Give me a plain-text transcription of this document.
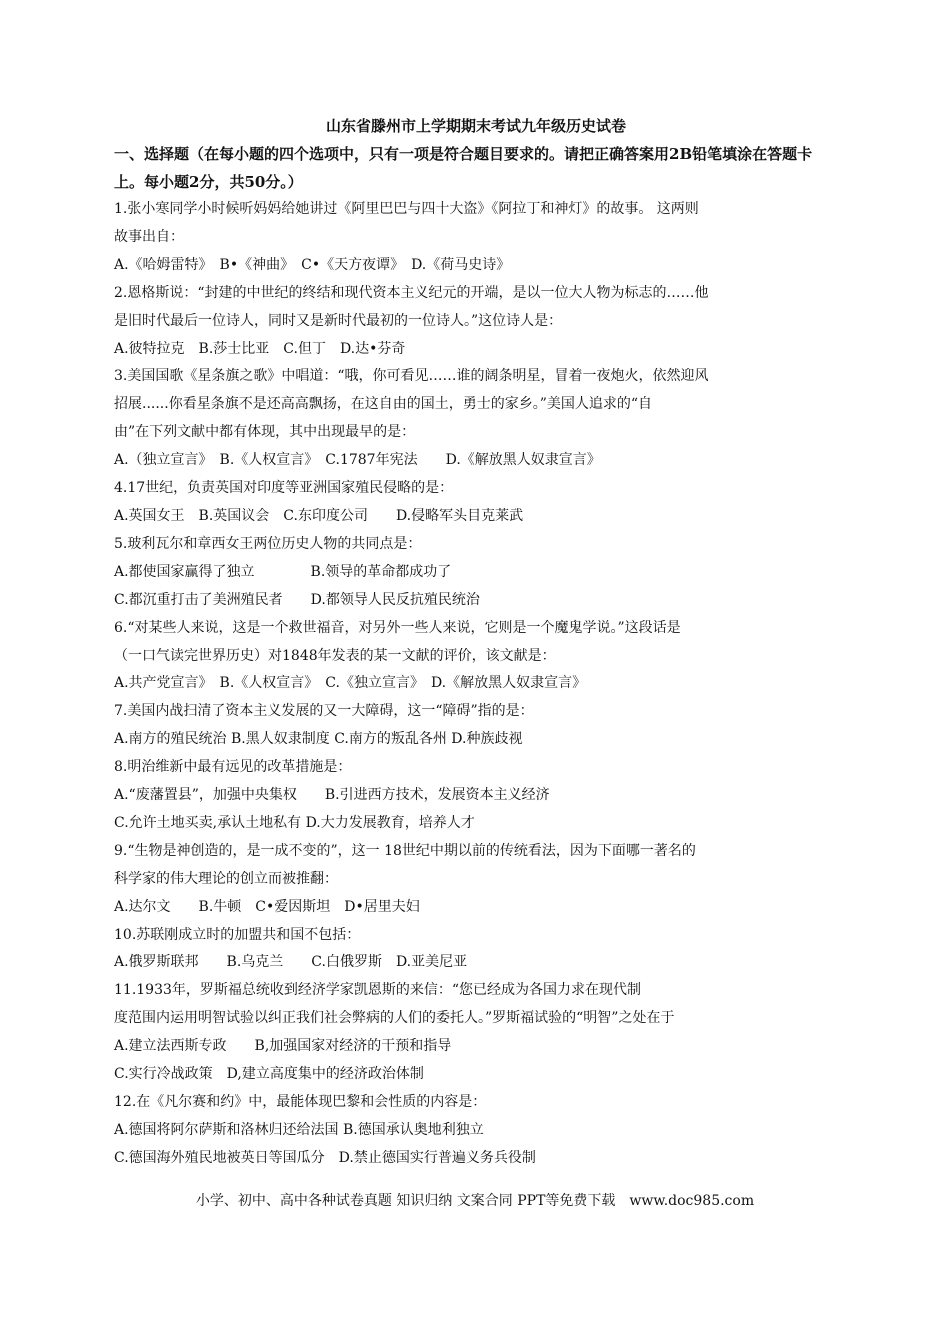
山东省滕州市上学期期末考试九年级历史试卷
一、选择题（在每小题的四个选项中，只有一项是符合题目要求的。请把正确答案用2B铅笔填涂在答题卡上。每小题2分，共50分。）
1.张小寒同学小时候听妈妈给她讲过《阿里巴巴与四十大盗》《阿拉丁和神灯》的故事。 这两则
故事出自：
A.《哈姆雷特》　B•《神曲》　C•《天方夜谭》　D.《荷马史诗》
2.恩格斯说：“封建的中世纪的终结和现代资本主义纪元的开端，是以一位大人物为标志的……他
是旧时代最后一位诗人，同时又是新时代最初的一位诗人。”这位诗人是：
A.彼特拉克　B.莎士比亚　C.但丁　D.达•芬奇
3.美国国歌《星条旗之歌》中唱道：“哦，你可看见……谁的阔条明星，冒着一夜炮火，依然迎风
招展......你看星条旗不是还高高飘扬，在这自由的国土，勇士的家乡。”美国人追求的“自
由”在下列文献中都有体现，其中出现最早的是：
A.（独立宣言》　B.《人权宣言》　C.1787年宪法　　D.《解放黑人奴隶宣言》
4.17世纪，负责英国对印度等亚洲国家殖民侵略的是：
A.英国女王　B.英国议会　C.东印度公司　　D.侵略军头目克莱武
5.玻利瓦尔和章西女王两位历史人物的共同点是：
A.都使国家赢得了独立　　　　B.领导的革命都成功了
C.都沉重打击了美洲殖民者　　D.都领导人民反抗殖民统治
6.“对某些人来说，这是一个救世福音，对另外一些人来说，它则是一个魔鬼学说。”这段话是
（一口气读完世界历史）对1848年发表的某一文献的评价，该文献是：
A.共产党宣言》　B.《人权宣言》　C.《独立宣言》　D.《解放黑人奴隶宣言》
7.美国内战扫清了资本主义发展的又一大障碍，这一“障碍”指的是：
A.南方的殖民统治 B.黑人奴隶制度 C.南方的叛乱各州 D.种族歧视
8.明治维新中最有远见的改革措施是：
A.“废藩置县”，加强中央集权　　B.引进西方技术，发展资本主义经济
C.允许土地买卖,承认土地私有 D.大力发展教育，培养人才
9.“生物是神创造的，是一成不变的”，这一 18世纪中期以前的传统看法，因为下面哪一著名的
科学家的伟大理论的创立而被推翻：
A.达尔文　　B.牛顿　C•爱因斯坦　D•居里夫妇
10.苏联刚成立时的加盟共和国不包括：
A.俄罗斯联邦　　B.乌克兰　　C.白俄罗斯　D.亚美尼亚
11.1933年，罗斯福总统收到经济学家凯恩斯的来信：“您已经成为各国力求在现代制
度范围内运用明智试验以纠正我们社会弊病的人们的委托人。”罗斯福试验的“明智”之处在于
A.建立法西斯专政　　B,加强国家对经济的干预和指导
C.实行冷战政策　D,建立高度集中的经济政治体制
12.在《凡尔赛和约》中，最能体现巴黎和会性质的内容是：
A.德国将阿尔萨斯和洛林归还给法国 B.德国承认奥地利独立
C.德国海外殖民地被英日等国瓜分　D.禁止德国实行普遍义务兵役制
小学、初中、高中各种试卷真题 知识归纳 文案合同 PPT等免费下载　www.doc985.com
